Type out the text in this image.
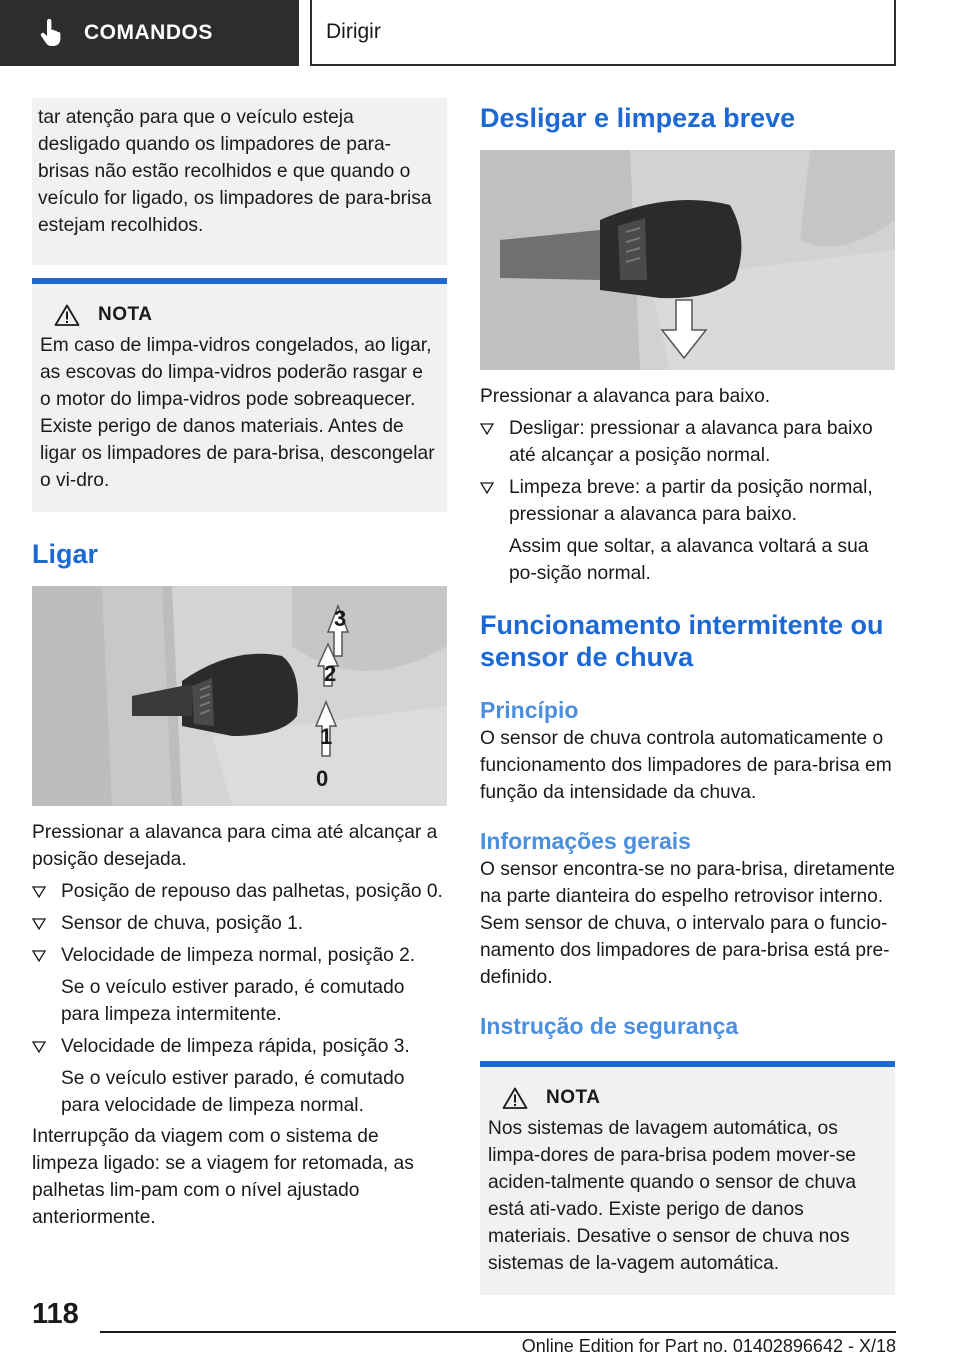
COMANDOS	Dirigir

tar atenção para que o veículo esteja desligado quando os limpadores de para-brisas não estão recolhidos e que quando o veículo for ligado, os limpadores de para-brisa estejam recolhidos.

NOTA

Em caso de limpa-vidros congelados, ao ligar, as escovas do limpa-vidros poderão rasgar e o motor do limpa-vidros pode sobreaquecer. Existe perigo de danos materiais. Antes de ligar os limpadores de para-brisa, descongelar o vi-dro.

Ligar
3
2
1
0

Pressionar a alavanca para cima até alcançar a posição desejada.

Posição de repouso das palhetas, posição 0.
Sensor de chuva, posição 1.
Velocidade de limpeza normal, posição 2.

Se o veículo estiver parado, é comutado para limpeza intermitente.

Velocidade de limpeza rápida, posição 3.

Se o veículo estiver parado, é comutado para velocidade de limpeza normal.

Interrupção da viagem com o sistema de limpeza ligado: se a viagem for retomada, as palhetas lim-pam com o nível ajustado anteriormente.

Desligar e limpeza breve

Pressionar a alavanca para baixo.

Desligar: pressionar a alavanca para baixo até alcançar a posição normal.
Limpeza breve: a partir da posição normal, pressionar a alavanca para baixo.

Assim que soltar, a alavanca voltará a sua po-sição normal.

Funcionamento intermitente ou sensor de chuva
Princípio

O sensor de chuva controla automaticamente o funcionamento dos limpadores de para-brisa em função da intensidade da chuva.

Informações gerais

O sensor encontra-se no para-brisa, diretamente na parte dianteira do espelho retrovisor interno. Sem sensor de chuva, o intervalo para o funcio-namento dos limpadores de para-brisa está pre-definido.

Instrução de segurança
NOTA

Nos sistemas de lavagem automática, os limpa-dores de para-brisa podem mover-se aciden-talmente quando o sensor de chuva está ati-vado. Existe perigo de danos materiais. Desative o sensor de chuva nos sistemas de la-vagem automática.

118
Online Edition for Part no. 01402896642 - X/18
